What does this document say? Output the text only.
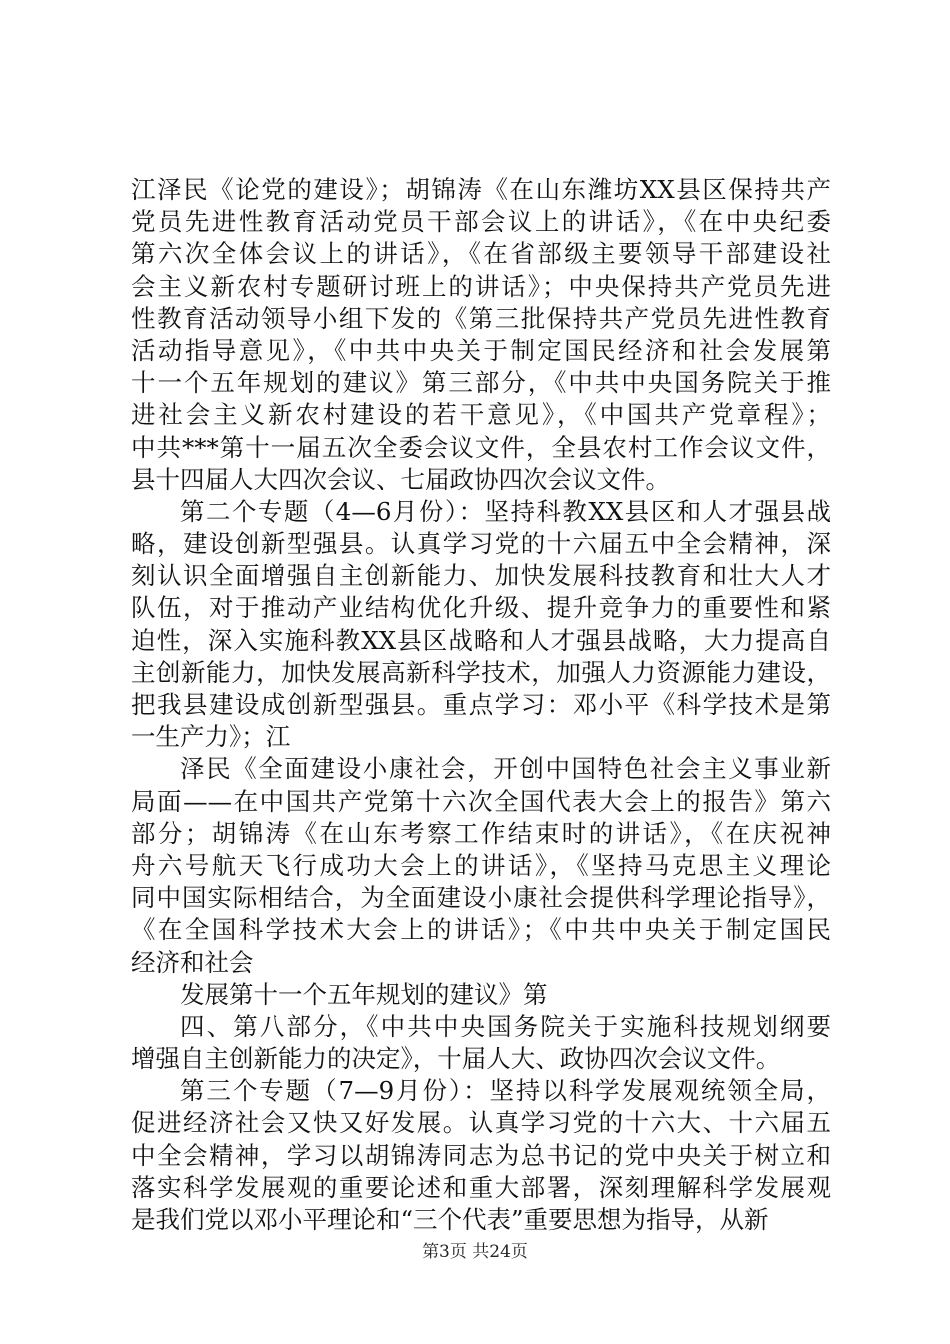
江泽民《论党的建设》；胡锦涛《在山东潍坊XX县区保持共产
党员先进性教育活动党员干部会议上的讲话》，《在中央纪委
第六次全体会议上的讲话》，《在省部级主要领导干部建设社
会主义新农村专题研讨班上的讲话》；中央保持共产党员先进
性教育活动领导小组下发的《第三批保持共产党员先进性教育
活动指导意见》，《中共中央关于制定国民经济和社会发展第
十一个五年规划的建议》第三部分，《中共中央国务院关于推
进社会主义新农村建设的若干意见》，《中国共产党章程》；
中共***第十一届五次全委会议文件，全县农村工作会议文件，
县十四届人大四次会议、七届政协四次会议文件。
第二个专题（4—6月份）：坚持科教XX县区和人才强县战
略，建设创新型强县。认真学习党的十六届五中全会精神，深
刻认识全面增强自主创新能力、加快发展科技教育和壮大人才
队伍，对于推动产业结构优化升级、提升竞争力的重要性和紧
迫性，深入实施科教XX县区战略和人才强县战略，大力提高自
主创新能力，加快发展高新科学技术，加强人力资源能力建设，
把我县建设成创新型强县。重点学习：邓小平《科学技术是第
一生产力》；江
泽民《全面建设小康社会，开创中国特色社会主义事业新
局面——在中国共产党第十六次全国代表大会上的报告》第六
部分；胡锦涛《在山东考察工作结束时的讲话》，《在庆祝神
舟六号航天飞行成功大会上的讲话》，《坚持马克思主义理论
同中国实际相结合，为全面建设小康社会提供科学理论指导》，
《在全国科学技术大会上的讲话》；《中共中央关于制定国民
经济和社会
发展第十一个五年规划的建议》第
四、第八部分，《中共中央国务院关于实施科技规划纲要
增强自主创新能力的决定》，十届人大、政协四次会议文件。
第三个专题（7—9月份）：坚持以科学发展观统领全局，
促进经济社会又快又好发展。认真学习党的十六大、十六届五
中全会精神，学习以胡锦涛同志为总书记的党中央关于树立和
落实科学发展观的重要论述和重大部署，深刻理解科学发展观
是我们党以邓小平理论和“三个代表”重要思想为指导，从新
第3页 共24页
